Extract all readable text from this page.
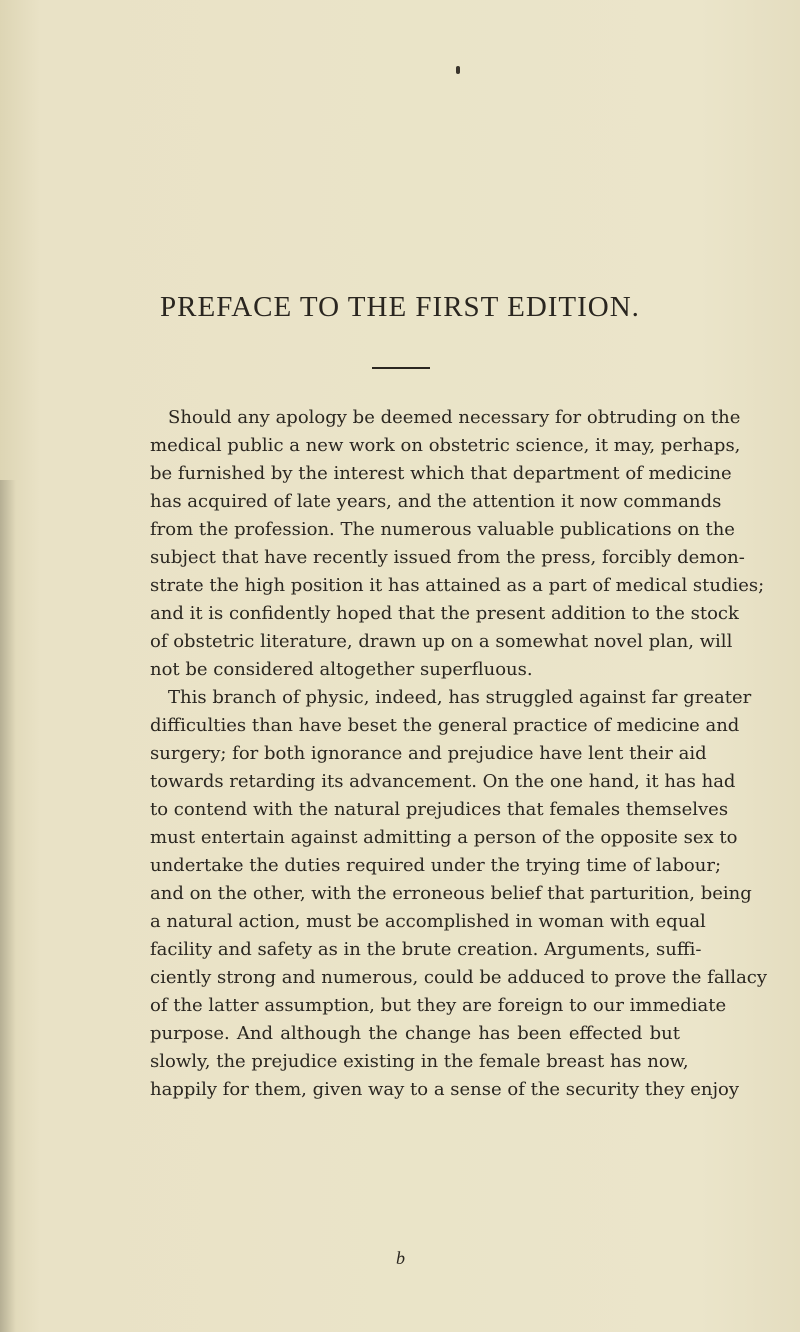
PREFACE TO THE FIRST EDITION.
Should any apology be deemed necessary for obtruding on the
medical public a new work on obstetric science, it may, perhaps,
be furnished by the interest which that department of medicine
has acquired of late years, and the attention it now commands
from the profession. The numerous valuable publications on the
subject that have recently issued from the press, forcibly demon-
strate the high position it has attained as a part of medical studies;
and it is confidently hoped that the present addition to the stock
of obstetric literature, drawn up on a somewhat novel plan, will
not be considered altogether superfluous.
This branch of physic, indeed, has struggled against far greater
difficulties than have beset the general practice of medicine and
surgery; for both ignorance and prejudice have lent their aid
towards retarding its advancement. On the one hand, it has had
to contend with the natural prejudices that females themselves
must entertain against admitting a person of the opposite sex to
undertake the duties required under the trying time of labour;
and on the other, with the erroneous belief that parturition, being
a natural action, must be accomplished in woman with equal
facility and safety as in the brute creation. Arguments, suffi-
ciently strong and numerous, could be adduced to prove the fallacy
of the latter assumption, but they are foreign to our immediate
purpose. And although the change has been effected but
slowly, the prejudice existing in the female breast has now,
happily for them, given way to a sense of the security they enjoy
b
